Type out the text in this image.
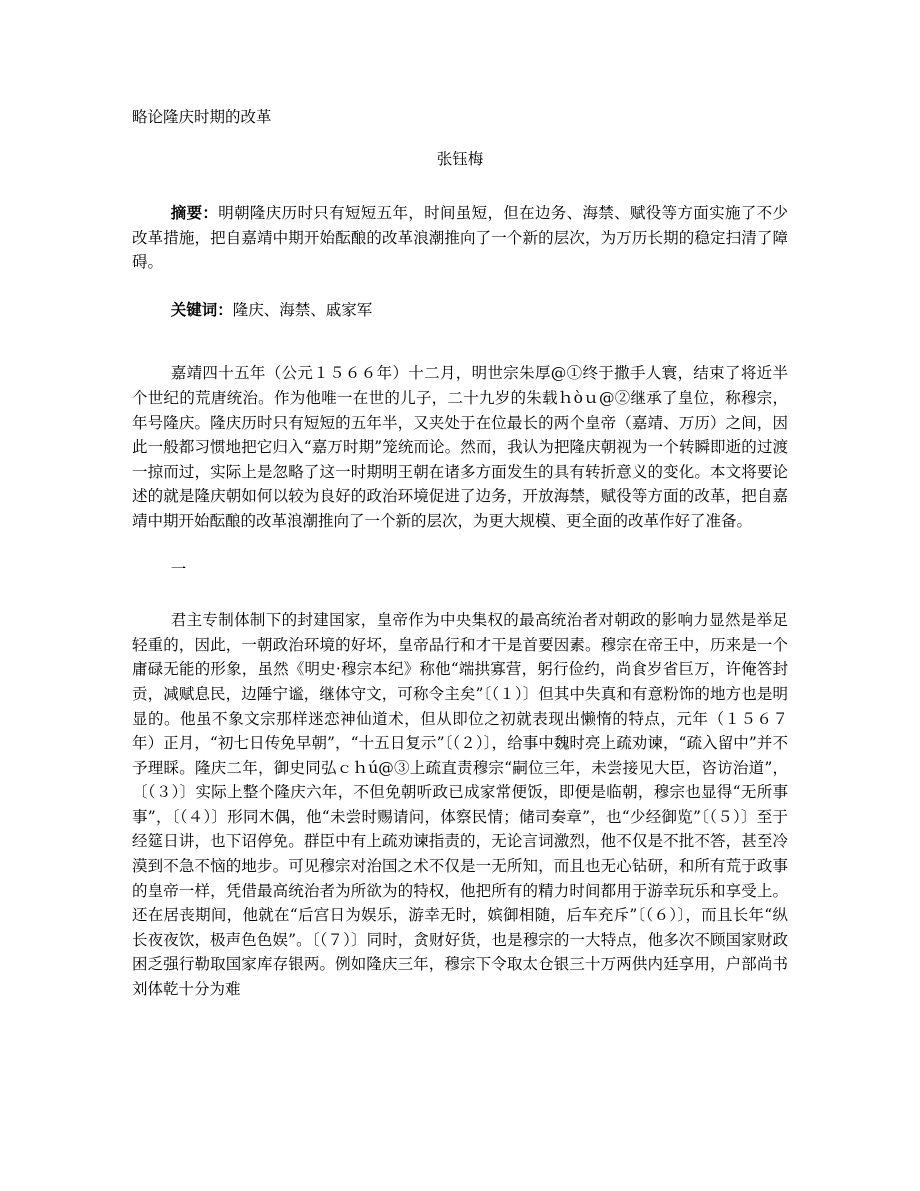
略论隆庆时期的改革

张钰梅

摘要：明朝隆庆历时只有短短五年，时间虽短，但在边务、海禁、赋役等方面实施了不少改革措施，把自嘉靖中期开始酝酿的改革浪潮推向了一个新的层次，为万历长期的稳定扫清了障碍。

关键词：隆庆、海禁、戚家军

嘉靖四十五年（公元１５６６年）十二月，明世宗朱厚@①终于撒手人寰，结束了将近半个世纪的荒唐统治。作为他唯一在世的儿子，二十九岁的朱载ｈòｕ@②继承了皇位，称穆宗，年号隆庆。隆庆历时只有短短的五年半，又夹处于在位最长的两个皇帝（嘉靖、万历）之间，因此一般都习惯地把它归入“嘉万时期”笼统而论。然而，我认为把隆庆朝视为一个转瞬即逝的过渡一掠而过，实际上是忽略了这一时期明王朝在诸多方面发生的具有转折意义的变化。本文将要论述的就是隆庆朝如何以较为良好的政治环境促进了边务，开放海禁，赋役等方面的改革，把自嘉靖中期开始酝酿的改革浪潮推向了一个新的层次，为更大规模、更全面的改革作好了准备。

一

君主专制体制下的封建国家，皇帝作为中央集权的最高统治者对朝政的影响力显然是举足轻重的，因此，一朝政治环境的好坏，皇帝品行和才干是首要因素。穆宗在帝王中，历来是一个庸碌无能的形象，虽然《明史·穆宗本纪》称他“端拱寡营，躬行俭约，尚食岁省巨万，许俺答封贡，减赋息民，边陲宁谧，继体守文，可称令主矣”〔（１）〕但其中失真和有意粉饰的地方也是明显的。他虽不象文宗那样迷恋神仙道术，但从即位之初就表现出懒惰的特点，元年（１５６７年）正月，“初七日传免早朝”，“十五日复示”〔（２）〕，给事中魏时亮上疏劝谏，“疏入留中”并不予理睬。隆庆二年，御史同弘ｃｈú@③上疏直责穆宗“嗣位三年，未尝接见大臣，咨访治道”，〔（３）〕实际上整个隆庆六年，不但免朝听政已成家常便饭，即便是临朝，穆宗也显得“无所事事”，〔（４）〕形同木偶，他“未尝时赐请问，体察民情；储司奏章”，也“少经御览”〔（５）〕至于经筵日讲，也下诏停免。群臣中有上疏劝谏指责的，无论言词激烈，他不仅是不批不答，甚至冷漠到不急不恼的地步。可见穆宗对治国之术不仅是一无所知，而且也无心钻研，和所有荒于政事的皇帝一样，凭借最高统治者为所欲为的特权，他把所有的精力时间都用于游幸玩乐和享受上。还在居丧期间，他就在“后宫日为娱乐，游幸无时，嫔御相随，后车充斥”〔（６）〕，而且长年“纵长夜夜饮，极声色色娱”。〔（７）〕同时，贪财好货，也是穆宗的一大特点，他多次不顾国家财政困乏强行勒取国家库存银两。例如隆庆三年，穆宗下令取太仓银三十万两供内廷享用，户部尚书刘体乾十分为难
